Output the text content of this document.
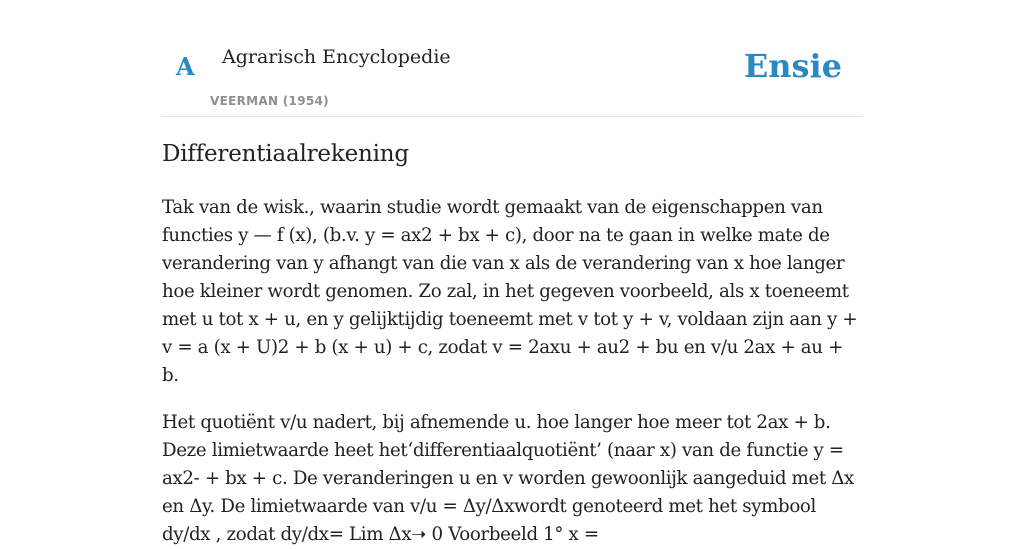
A Agrarisch Encyclopedie
VEERMAN (1954)
Ensie
Differentiaalrekening

Tak van de wisk., waarin studie wordt gemaakt van de eigenschappen van functies y — f (x), (b.v. y = ax2 + bx + c), door na te gaan in welke mate de verandering van y afhangt van die van x als de verandering van x hoe langer hoe kleiner wordt genomen. Zo zal, in het gegeven voorbeeld, als x toeneemt met u tot x + u, en y gelijktijdig toeneemt met v tot y + v, voldaan zijn aan y + v = a (x + U)2 + b (x + u) + c, zodat v = 2axu + au2 + bu en v/u 2ax + au + b.

Het quotiënt v/u nadert, bij afnemende u. hoe langer hoe meer tot 2ax + b. Deze limietwaarde heet het‘differentiaalquotiënt’ (naar x) van de functie y = ax2- + bx + c. De veranderingen u en v worden gewoonlijk aangeduid met Δx en Δy. De limietwaarde van v/u = Δy/Δxwordt genoteerd met het symbool dy/dx , zodat dy/dx= Lim Δx➝ 0 Voorbeeld 1° x =
